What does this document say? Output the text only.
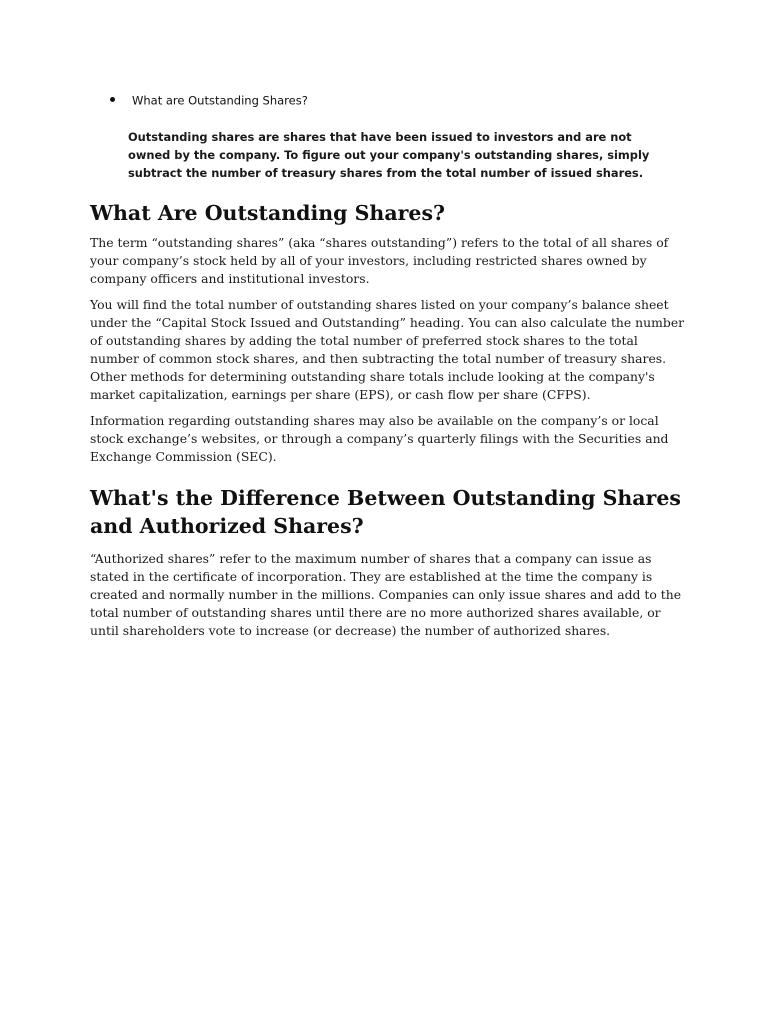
What are Outstanding Shares?

Outstanding shares are shares that have been issued to investors and are not owned by the company. To figure out your company's outstanding shares, simply subtract the number of treasury shares from the total number of issued shares.

What Are Outstanding Shares?

The term “outstanding shares” (aka “shares outstanding”) refers to the total of all shares of your company’s stock held by all of your investors, including restricted shares owned by company officers and institutional investors.

You will find the total number of outstanding shares listed on your company’s balance sheet under the “Capital Stock Issued and Outstanding” heading. You can also calculate the number of outstanding shares by adding the total number of preferred stock shares to the total number of common stock shares, and then subtracting the total number of treasury shares. Other methods for determining outstanding share totals include looking at the company's market capitalization, earnings per share (EPS), or cash flow per share (CFPS).

Information regarding outstanding shares may also be available on the company’s or local stock exchange’s websites, or through a company’s quarterly filings with the Securities and Exchange Commission (SEC).

What's the Difference Between Outstanding Shares and Authorized Shares?

“Authorized shares” refer to the maximum number of shares that a company can issue as stated in the certificate of incorporation. They are established at the time the company is created and normally number in the millions. Companies can only issue shares and add to the total number of outstanding shares until there are no more authorized shares available, or until shareholders vote to increase (or decrease) the number of authorized shares.
